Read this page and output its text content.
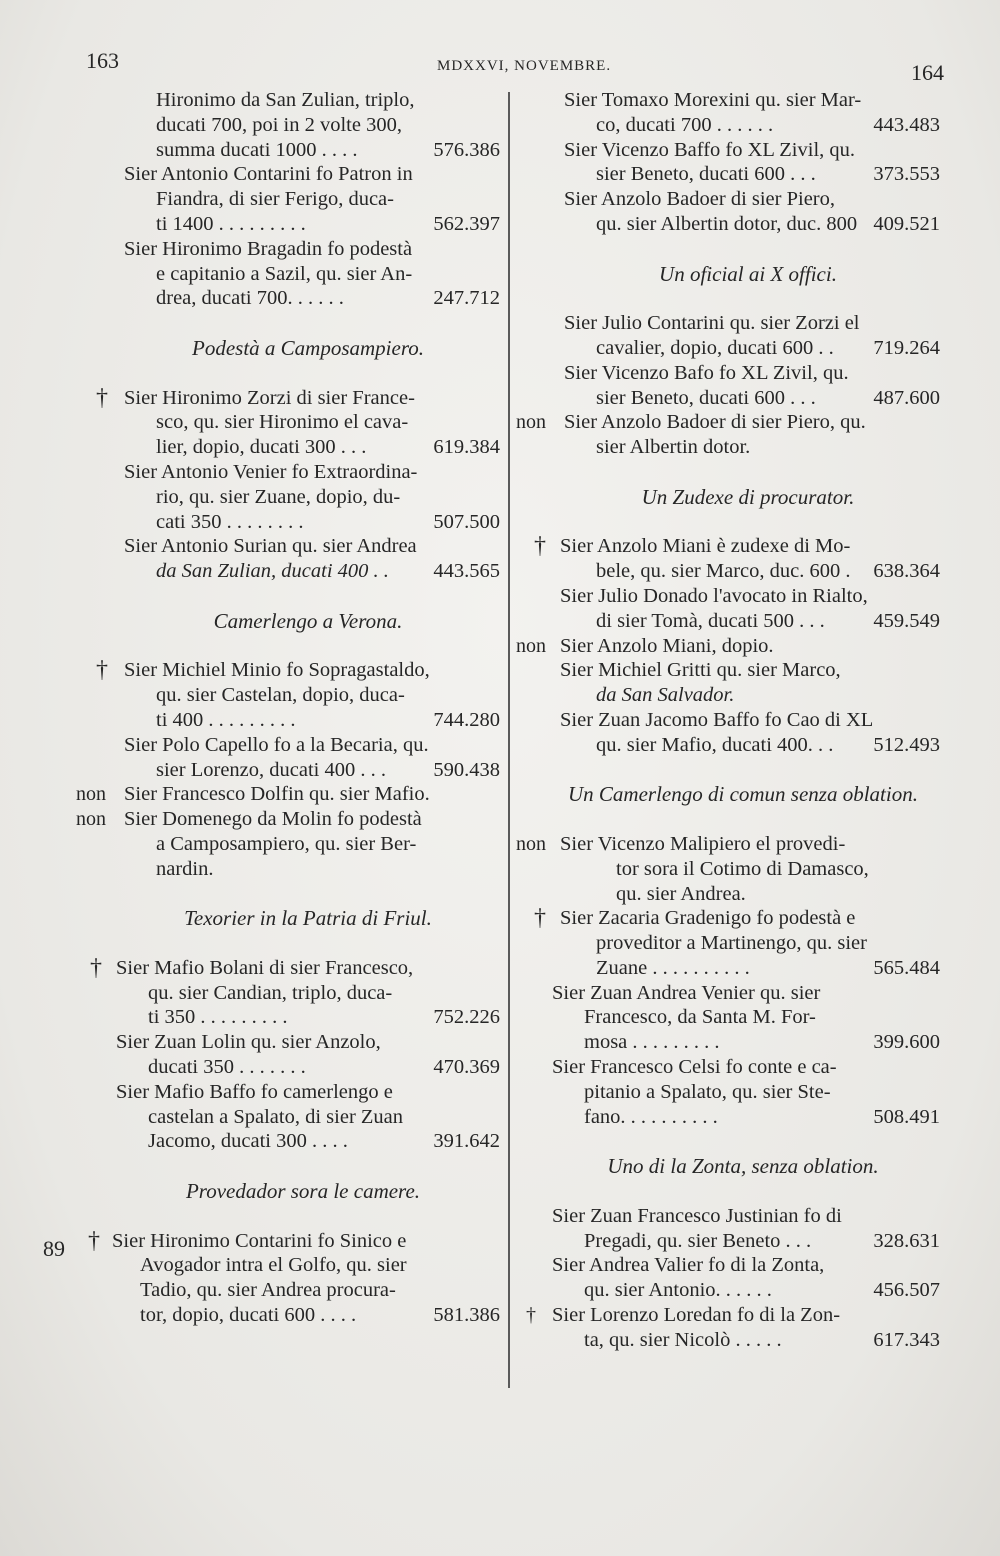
163	MDXXVI, NOVEMBRE.	164
89
Hironimo da San Zulian, triplo,
ducati 700, poi in 2 volte 300,
summa ducati 1000 . . . .	576.386
Sier Antonio Contarini fo Patron in
Fiandra, di sier Ferigo, duca-
ti 1400 . . . . . . . . .	562.397
Sier Hironimo Bragadin fo podestà
e capitanio a Sazil, qu. sier An-
drea, ducati 700. . . . . .	247.712
Podestà a Camposampiero.
† Sier Hironimo Zorzi di sier France-
sco, qu. sier Hironimo el cava-
lier, dopio, ducati 300 . . .	619.384
Sier Antonio Venier fo Extraordina-
rio, qu. sier Zuane, dopio, du-
cati 350 . . . . . . . .	507.500
Sier Antonio Surian qu. sier Andrea
da San Zulian, ducati 400 . . 443.565
Camerlengo a Verona.
† Sier Michiel Minio fo Sopragastaldo,
qu. sier Castelan, dopio, duca-
ti 400 . . . . . . . . .	744.280
Sier Polo Capello fo a la Becaria, qu.
sier Lorenzo, ducati 400 . . . 590.438
non Sier Francesco Dolfin qu. sier Mafio.
non Sier Domenego da Molin fo podestà
a Camposampiero, qu. sier Ber-
nardin.
Texorier in la Patria di Friul.
† Sier Mafio Bolani di sier Francesco,
qu. sier Candian, triplo, duca-
ti 350 . . . . . . . . .	752.226
Sier Zuan Lolin qu. sier Anzolo,
ducati 350 . . . . . . .	470.369
Sier Mafio Baffo fo camerlengo e
castelan a Spalato, di sier Zuan
Jacomo, ducati 300 . . . .	391.642
Provedador sora le camere.
† Sier Hironimo Contarini fo Sinico e
Avogador intra el Golfo, qu. sier
Tadio, qu. sier Andrea procura-
tor, dopio, ducati 600 . . . .	581.386
Sier Tomaxo Morexini qu. sier Mar-
co, ducati 700 . . . . . .	443.483
Sier Vicenzo Baffo fo XL Zivil, qu.
sier Beneto, ducati 600 . . .	373.553
Sier Anzolo Badoer di sier Piero,
qu. sier Albertin dotor, duc. 800 409.521
Un oficial ai X offici.
Sier Julio Contarini qu. sier Zorzi el
cavalier, dopio, ducati 600 . . 719.264
Sier Vicenzo Bafo fo XL Zivil, qu.
sier Beneto, ducati 600 . . .	487.600
non Sier Anzolo Badoer di sier Piero, qu.
sier Albertin dotor.
Un Zudexe di procurator.
† Sier Anzolo Miani è zudexe di Mo-
bele, qu. sier Marco, duc. 600 . 638.364
Sier Julio Donado l'avocato in Rialto,
di sier Tomà, ducati 500 . . . 459.549
non Sier Anzolo Miani, dopio.
Sier Michiel Gritti qu. sier Marco,
da San Salvador.
Sier Zuan Jacomo Baffo fo Cao di XL
qu. sier Mafio, ducati 400. . . 512.493
Un Camerlengo di comun senza oblation.
non Sier Vicenzo Malipiero el provedi-
tor sora il Cotimo di Damasco,
qu. sier Andrea.
† Sier Zacaria Gradenigo fo podestà e
proveditor a Martinengo, qu. sier
Zuane . . . . . . . . . .	565.484
Sier Zuan Andrea Venier qu. sier
Francesco, da Santa M. For-
mosa . . . . . . . . .	399.600
Sier Francesco Celsi fo conte e ca-
pitanio a Spalato, qu. sier Ste-
fano. . . . . . . . . .	508.491
Uno di la Zonta, senza oblation.
Sier Zuan Francesco Justinian fo di
Pregadi, qu. sier Beneto . . .	328.631
Sier Andrea Valier fo di la Zonta,
qu. sier Antonio. . . . . .	456.507
† Sier Lorenzo Loredan fo di la Zon-
ta, qu. sier Nicolò . . . . .	617.343
